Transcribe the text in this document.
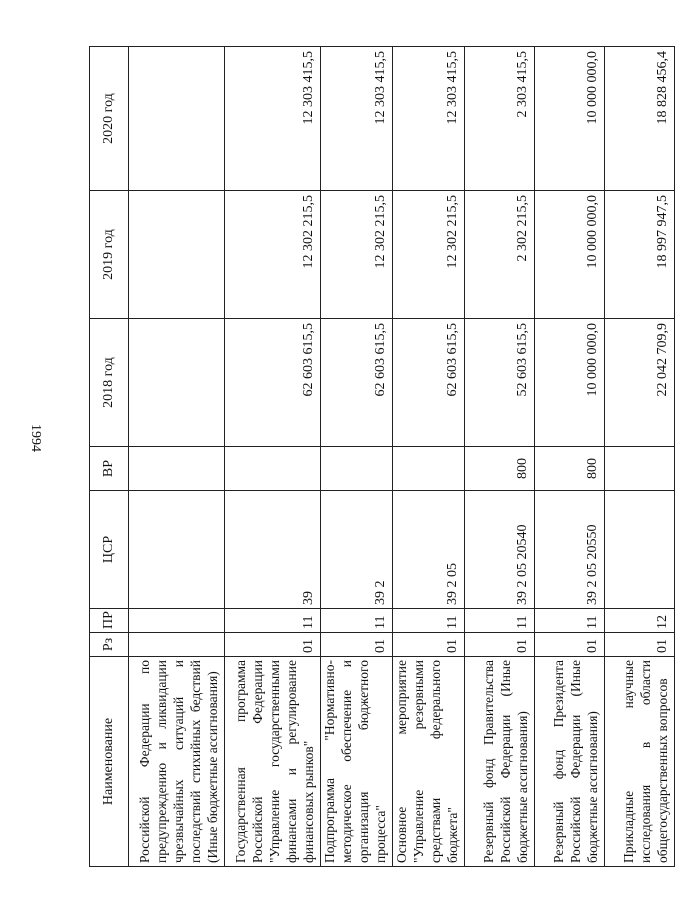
1994
Наименование	Рз	ПР	ЦСР	ВР	2018 год	2019 год	2020 год
Российской Федерации по предупреждению и ликвидации чрезвычайных ситуаций и последствий стихийных бедствий (Иные бюджетные ассигнования)							
Государственная программа Российской Федерации "Управление государственными финансами и регулирование финансовых рынков"	01	11	39		62 603 615,5	12 302 215,5	12 303 415,5
Подпрограмма "Нормативно-методическое обеспечение и организация бюджетного процесса"	01	11	39 2		62 603 615,5	12 302 215,5	12 303 415,5
Основное мероприятие "Управление резервными средствами федерального бюджета"	01	11	39 2 05		62 603 615,5	12 302 215,5	12 303 415,5
Резервный фонд Правительства Российской Федерации (Иные бюджетные ассигнования)	01	11	39 2 05 20540	800	52 603 615,5	2 302 215,5	2 303 415,5
Резервный фонд Президента Российской Федерации (Иные бюджетные ассигнования)	01	11	39 2 05 20550	800	10 000 000,0	10 000 000,0	10 000 000,0
Прикладные научные исследования в области общегосударственных вопросов	01	12			22 042 709,9	18 997 947,5	18 828 456,4
